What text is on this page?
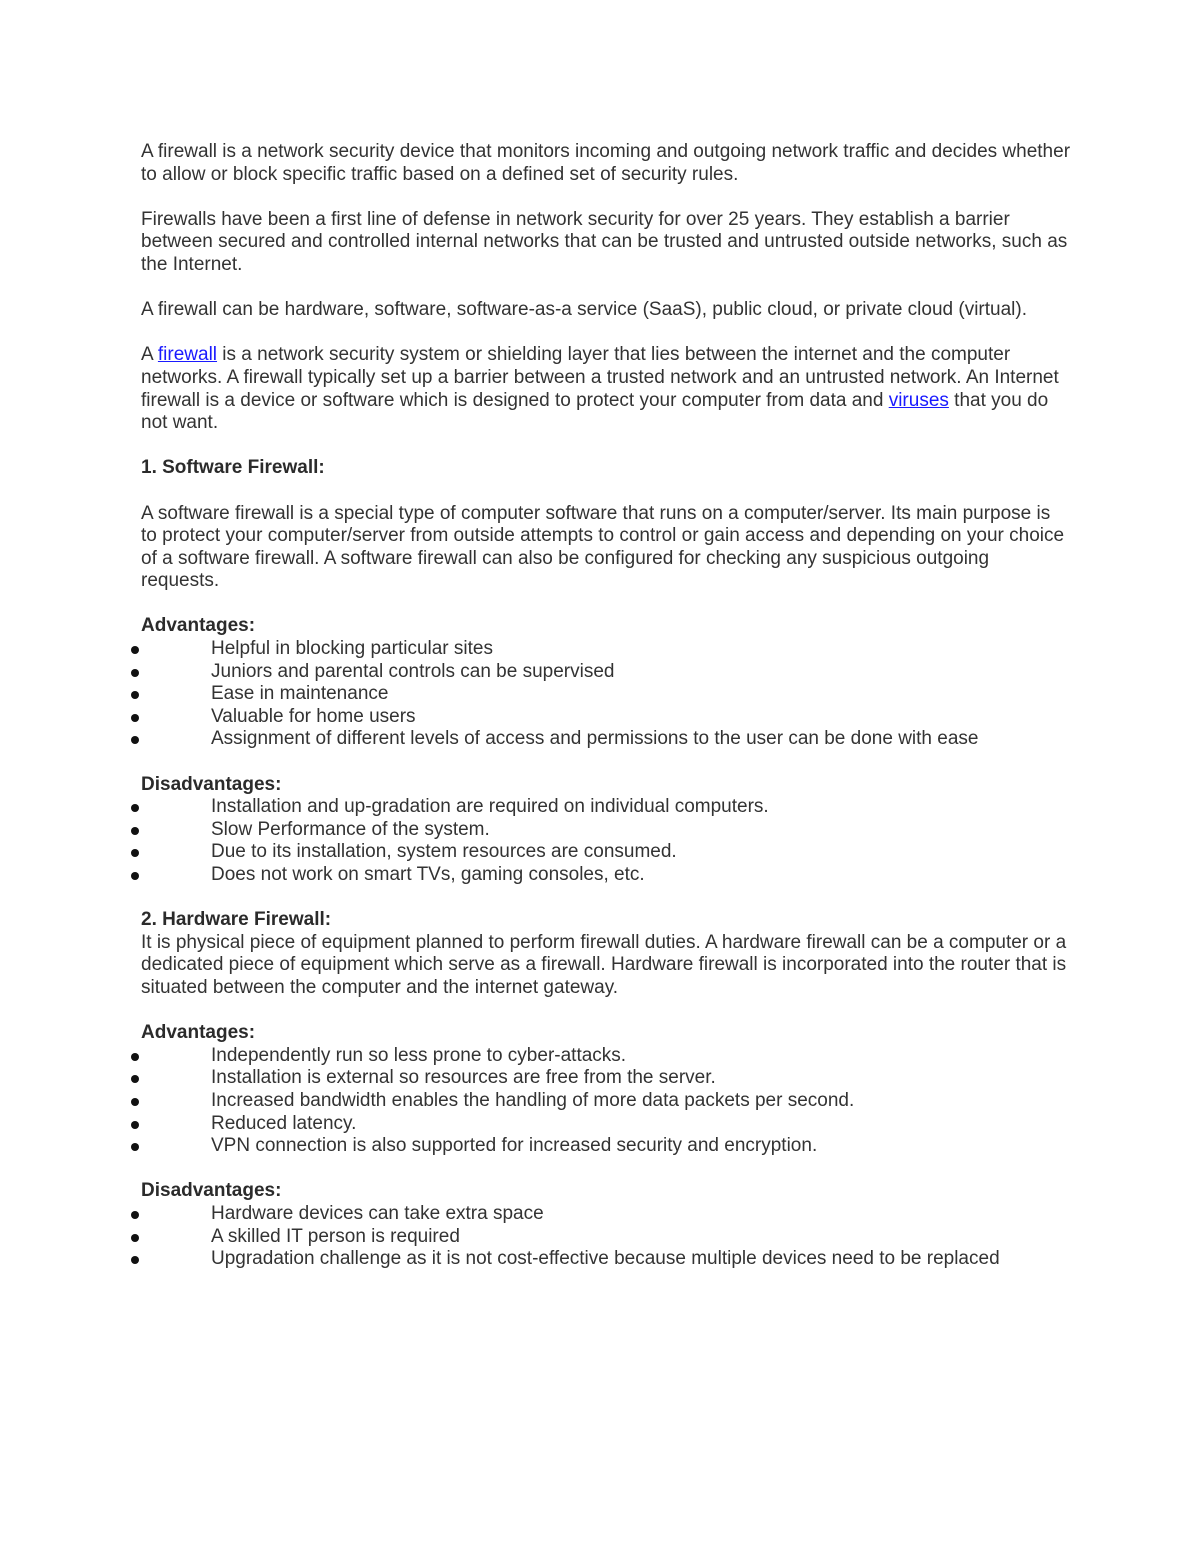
A firewall is a network security device that monitors incoming and outgoing network traffic and decides whether to allow or block specific traffic based on a defined set of security rules.

Firewalls have been a first line of defense in network security for over 25 years. They establish a barrier between secured and controlled internal networks that can be trusted and untrusted outside networks, such as the Internet.

A firewall can be hardware, software, software-as-a service (SaaS), public cloud, or private cloud (virtual).

A firewall is a network security system or shielding layer that lies between the internet and the computer networks. A firewall typically set up a barrier between a trusted network and an untrusted network. An Internet firewall is a device or software which is designed to protect your computer from data and viruses that you do not want.

1. Software Firewall:

A software firewall is a special type of computer software that runs on a computer/server. Its main purpose is to protect your computer/server from outside attempts to control or gain access and depending on your choice of a software firewall. A software firewall can also be configured for checking any suspicious outgoing requests.

Advantages:

Helpful in blocking particular sites
Juniors and parental controls can be supervised
Ease in maintenance
Valuable for home users
Assignment of different levels of access and permissions to the user can be done with ease

Disadvantages:

Installation and up-gradation are required on individual computers.
Slow Performance of the system.
Due to its installation, system resources are consumed.
Does not work on smart TVs, gaming consoles, etc.

2. Hardware Firewall:

It is physical piece of equipment planned to perform firewall duties. A hardware firewall can be a computer or a dedicated piece of equipment which serve as a firewall. Hardware firewall is incorporated into the router that is situated between the computer and the internet gateway.

Advantages:

Independently run so less prone to cyber-attacks.
Installation is external so resources are free from the server.
Increased bandwidth enables the handling of more data packets per second.
Reduced latency.
VPN connection is also supported for increased security and encryption.

Disadvantages:

Hardware devices can take extra space
A skilled IT person is required
Upgradation challenge as it is not cost-effective because multiple devices need to be replaced
